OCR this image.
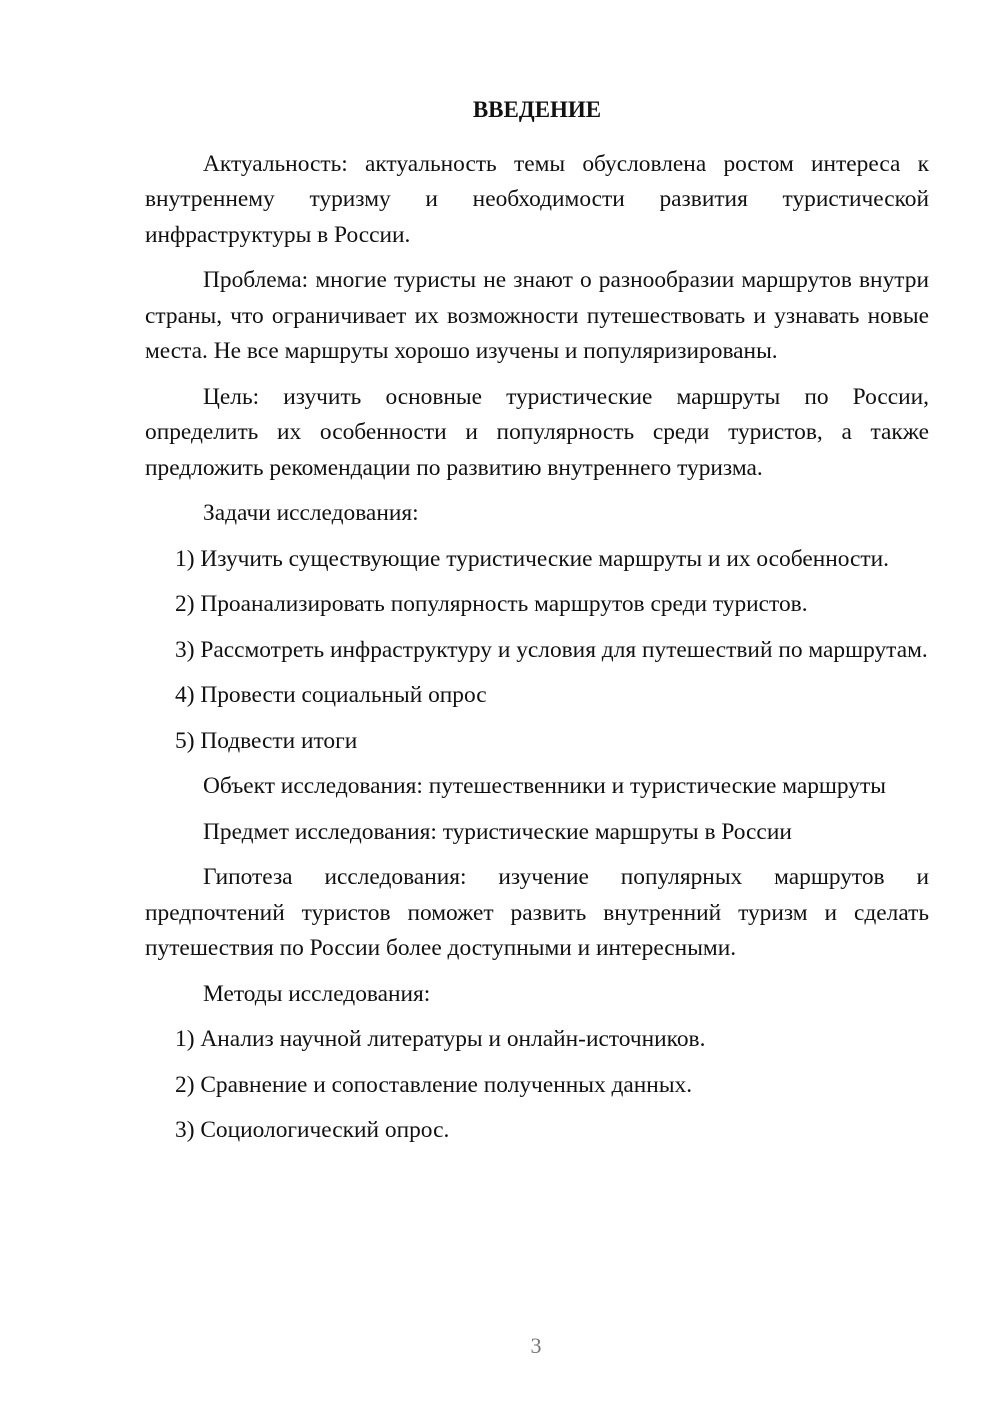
ВВЕДЕНИЕ

Актуальность: актуальность темы обусловлена ростом интереса к внутреннему туризму и необходимости развития туристической инфраструктуры в России.

Проблема: многие туристы не знают о разнообразии маршрутов внутри страны, что ограничивает их возможности путешествовать и узнавать новые места. Не все маршруты хорошо изучены и популяризированы.

Цель: изучить основные туристические маршруты по России, определить их особенности и популярность среди туристов, а также предложить рекомендации по развитию внутреннего туризма.

Задачи исследования:

1) Изучить существующие туристические маршруты и их особенности.

2) Проанализировать популярность маршрутов среди туристов.

3) Рассмотреть инфраструктуру и условия для путешествий по маршрутам.

4) Провести социальный опрос

5) Подвести итоги

Объект исследования: путешественники и туристические маршруты

Предмет исследования: туристические маршруты в России

Гипотеза исследования: изучение популярных маршрутов и предпочтений туристов поможет развить внутренний туризм и сделать путешествия по России более доступными и интересными.

Методы исследования:

1) Анализ научной литературы и онлайн-источников.

2) Сравнение и сопоставление полученных данных.

3) Социологический опрос.

3
